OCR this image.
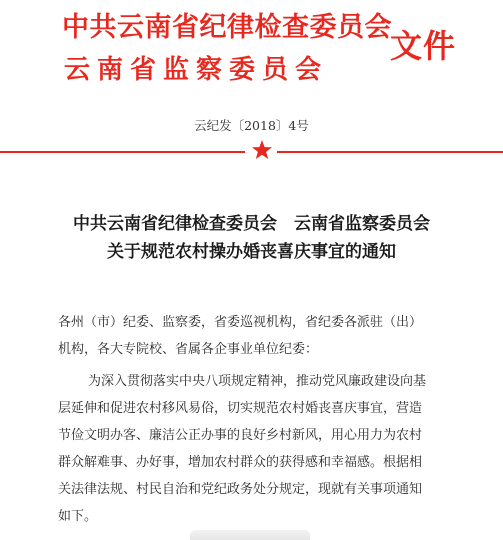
中共云南省纪律检查委员会
云南省监察委员会
文件
云纪发〔2018〕4号
中共云南省纪律检查委员会　云南省监察委员会
关于规范农村操办婚丧喜庆事宜的通知
各州（市）纪委、监察委，省委巡视机构，省纪委各派驻（出）
机构，各大专院校、省属各企事业单位纪委：
为深入贯彻落实中央八项规定精神，推动党风廉政建设向基
层延伸和促进农村移风易俗，切实规范农村婚丧喜庆事宜，营造
节俭文明办客、廉洁公正办事的良好乡村新风，用心用力为农村
群众解难事、办好事，增加农村群众的获得感和幸福感。根据相
关法律法规、村民自治和党纪政务处分规定，现就有关事项通知
如下。
